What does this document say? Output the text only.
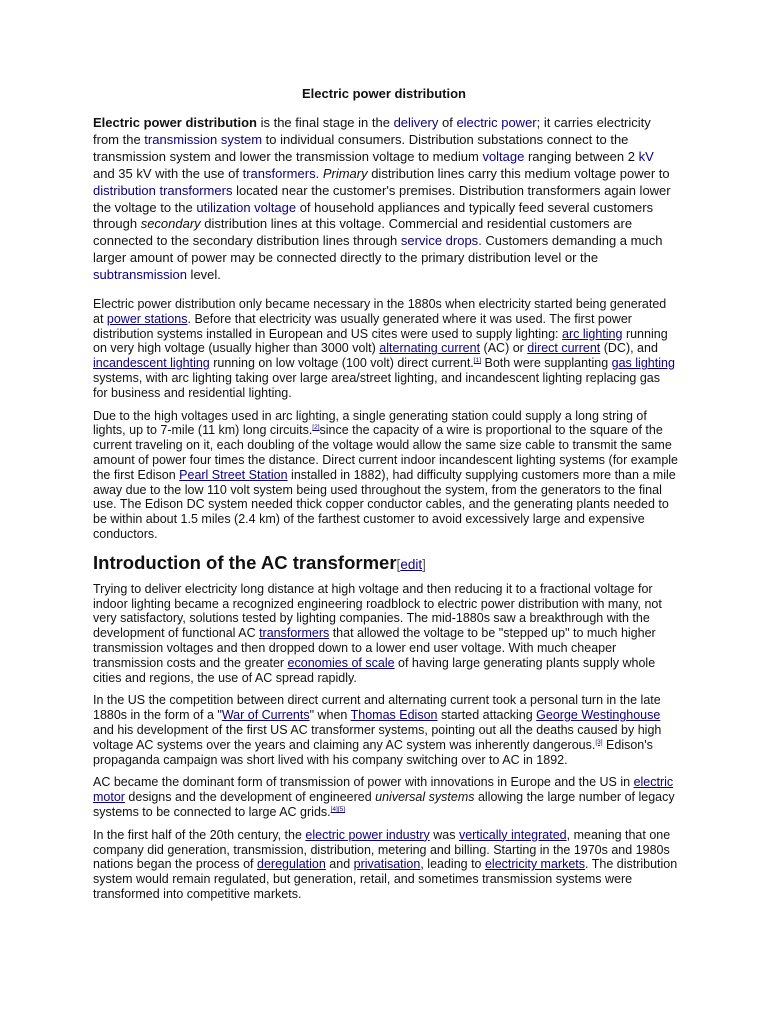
Electric power distribution

Electric power distribution is the final stage in the delivery of electric power; it carries electricity from the transmission system to individual consumers. Distribution substations connect to the transmission system and lower the transmission voltage to medium voltage ranging between 2 kV and 35 kV with the use of transformers. Primary distribution lines carry this medium voltage power to distribution transformers located near the customer's premises. Distribution transformers again lower the voltage to the utilization voltage of household appliances and typically feed several customers through secondary distribution lines at this voltage. Commercial and residential customers are connected to the secondary distribution lines through service drops. Customers demanding a much larger amount of power may be connected directly to the primary distribution level or the subtransmission level.

Electric power distribution only became necessary in the 1880s when electricity started being generated at power stations. Before that electricity was usually generated where it was used. The first power distribution systems installed in European and US cites were used to supply lighting: arc lighting running on very high voltage (usually higher than 3000 volt) alternating current (AC) or direct current (DC), and incandescent lighting running on low voltage (100 volt) direct current.[1] Both were supplanting gas lighting systems, with arc lighting taking over large area/street lighting, and incandescent lighting replacing gas for business and residential lighting.

Due to the high voltages used in arc lighting, a single generating station could supply a long string of lights, up to 7-mile (11 km) long circuits.[2]since the capacity of a wire is proportional to the square of the current traveling on it, each doubling of the voltage would allow the same size cable to transmit the same amount of power four times the distance. Direct current indoor incandescent lighting systems (for example the first Edison Pearl Street Station installed in 1882), had difficulty supplying customers more than a mile away due to the low 110 volt system being used throughout the system, from the generators to the final use. The Edison DC system needed thick copper conductor cables, and the generating plants needed to be within about 1.5 miles (2.4 km) of the farthest customer to avoid excessively large and expensive conductors.

Introduction of the AC transformer[edit]

Trying to deliver electricity long distance at high voltage and then reducing it to a fractional voltage for indoor lighting became a recognized engineering roadblock to electric power distribution with many, not very satisfactory, solutions tested by lighting companies. The mid-1880s saw a breakthrough with the development of functional AC transformers that allowed the voltage to be "stepped up" to much higher transmission voltages and then dropped down to a lower end user voltage. With much cheaper transmission costs and the greater economies of scale of having large generating plants supply whole cities and regions, the use of AC spread rapidly.

In the US the competition between direct current and alternating current took a personal turn in the late 1880s in the form of a "War of Currents" when Thomas Edison started attacking George Westinghouse and his development of the first US AC transformer systems, pointing out all the deaths caused by high voltage AC systems over the years and claiming any AC system was inherently dangerous.[3] Edison's propaganda campaign was short lived with his company switching over to AC in 1892.

AC became the dominant form of transmission of power with innovations in Europe and the US in electric motor designs and the development of engineered universal systems allowing the large number of legacy systems to be connected to large AC grids.[4][5]

In the first half of the 20th century, the electric power industry was vertically integrated, meaning that one company did generation, transmission, distribution, metering and billing. Starting in the 1970s and 1980s nations began the process of deregulation and privatisation, leading to electricity markets. The distribution system would remain regulated, but generation, retail, and sometimes transmission systems were transformed into competitive markets.
